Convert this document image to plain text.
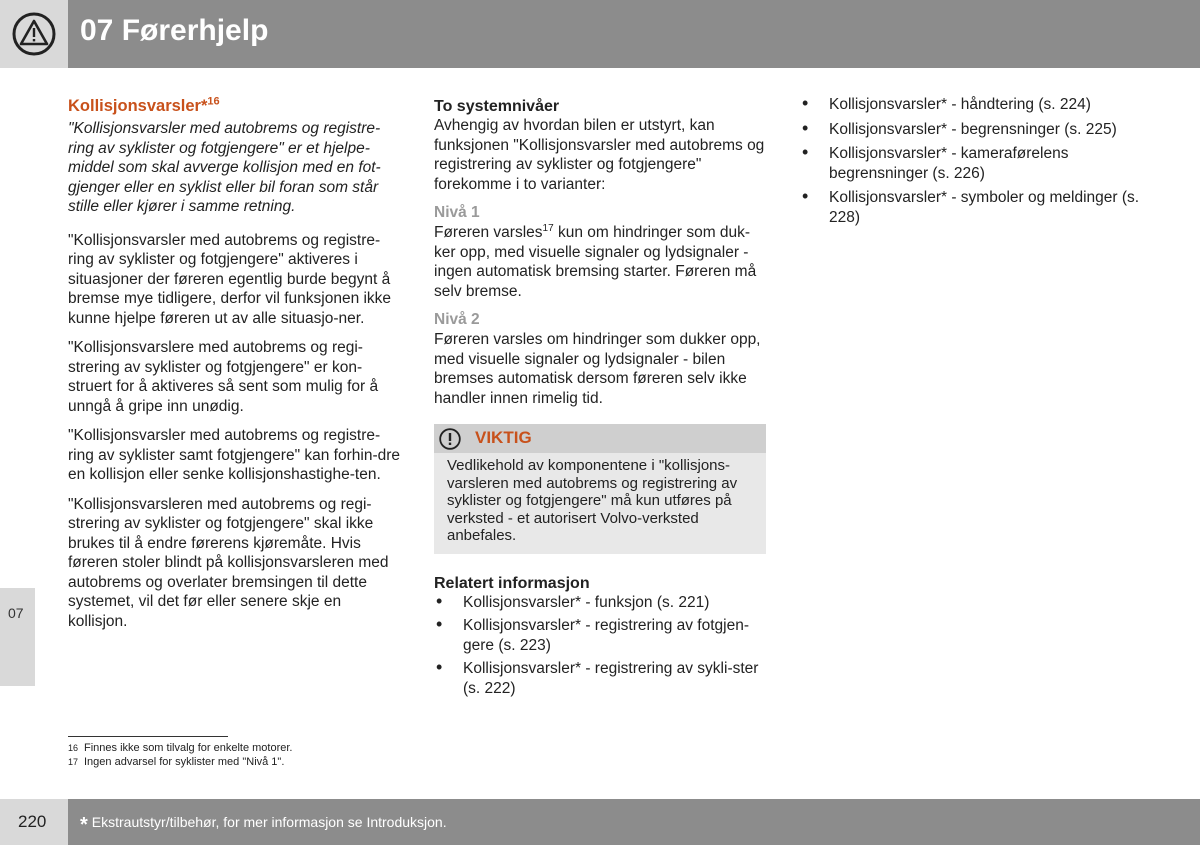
07 Førerhjelp
07
Kollisjonsvarsler*$^{16}$

"Kollisjonsvarsler med autobrems og registre-ring av syklister og fotgjengere" er et hjelpe-middel som skal avverge kollisjon med en fot-gjenger eller en syklist eller bil foran som står stille eller kjører i samme retning.

"Kollisjonsvarsler med autobrems og registre-ring av syklister og fotgjengere" aktiveres i situasjoner der føreren egentlig burde begynt å bremse mye tidligere, derfor vil funksjonen ikke kunne hjelpe føreren ut av alle situasjo-ner.

"Kollisjonsvarslere med autobrems og regi-strering av syklister og fotgjengere" er kon-struert for å aktiveres så sent som mulig for å unngå å gripe inn unødig.

"Kollisjonsvarsler med autobrems og registre-ring av syklister samt fotgjengere" kan forhin-dre en kollisjon eller senke kollisjonshastighe-ten.

"Kollisjonsvarsleren med autobrems og regi-strering av syklister og fotgjengere" skal ikke brukes til å endre førerens kjøremåte. Hvis føreren stoler blindt på kollisjonsvarsleren med autobrems og overlater bremsingen til dette systemet, vil det før eller senere skje en kollisjon.

To systemnivåer

Avhengig av hvordan bilen er utstyrt, kan funksjonen "Kollisjonsvarsler med autobrems og registrering av syklister og fotgjengere" forekomme i to varianter:

Nivå 1

Føreren varsles$^{17}$ kun om hindringer som duk-ker opp, med visuelle signaler og lydsignaler - ingen automatisk bremsing starter. Føreren må selv bremse.

Nivå 2

Føreren varsles om hindringer som dukker opp, med visuelle signaler og lydsignaler - bilen bremses automatisk dersom føreren selv ikke handler innen rimelig tid.

VIKTIG
Vedlikehold av komponentene i "kollisjons-varsleren med autobrems og registrering av syklister og fotgjengere" må kun utføres på verksted - et autorisert Volvo-verksted anbefales.
Relatert informasjon
• Kollisjonsvarsler* - funksjon (s. 221)
• Kollisjonsvarsler* - registrering av fotgjen-gere (s. 223)
• Kollisjonsvarsler* - registrering av sykli-ster (s. 222)
• Kollisjonsvarsler* - håndtering (s. 224)
• Kollisjonsvarsler* - begrensninger (s. 225)
• Kollisjonsvarsler* - kameraførelens begrensninger (s. 226)
• Kollisjonsvarsler* - symboler og meldinger (s. 228)
16 Finnes ikke som tilvalg for enkelte motorer.
17 Ingen advarsel for syklister med "Nivå 1".
220 * Ekstrautstyr/tilbehør, for mer informasjon se Introduksjon.
